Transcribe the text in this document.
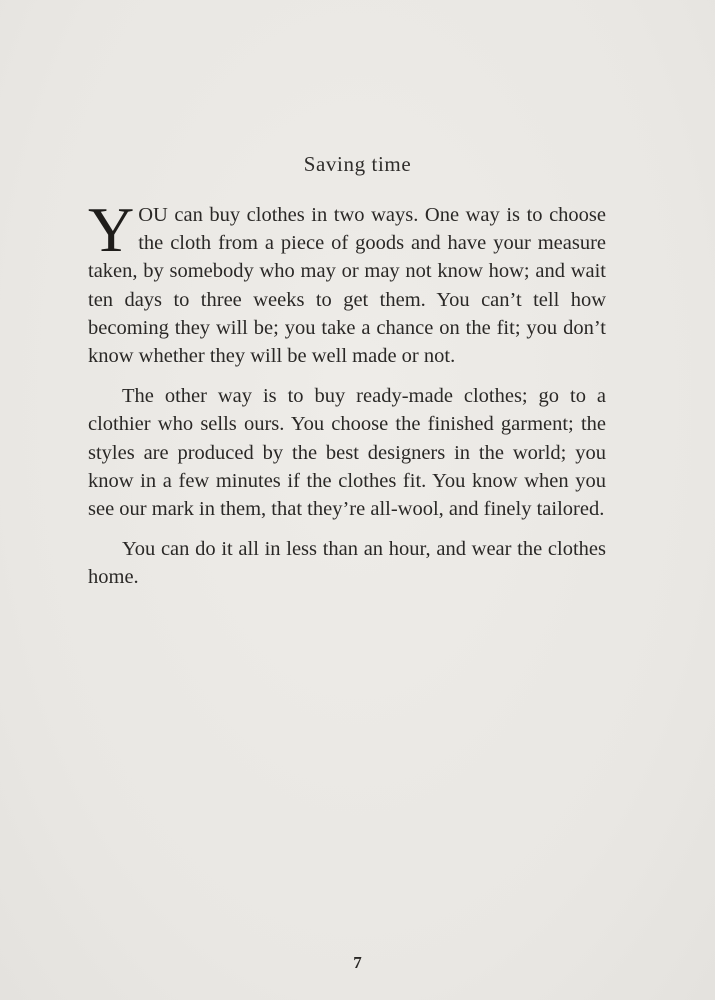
Saving time

YOU can buy clothes in two ways. One way is to choose the cloth from a piece of goods and have your measure taken, by somebody who may or may not know how; and wait ten days to three weeks to get them. You can’t tell how becoming they will be; you take a chance on the fit; you don’t know whether they will be well made or not.

The other way is to buy ready-made clothes; go to a clothier who sells ours. You choose the finished garment; the styles are produced by the best designers in the world; you know in a few minutes if the clothes fit. You know when you see our mark in them, that they’re all-wool, and finely tailored.

You can do it all in less than an hour, and wear the clothes home.

7
